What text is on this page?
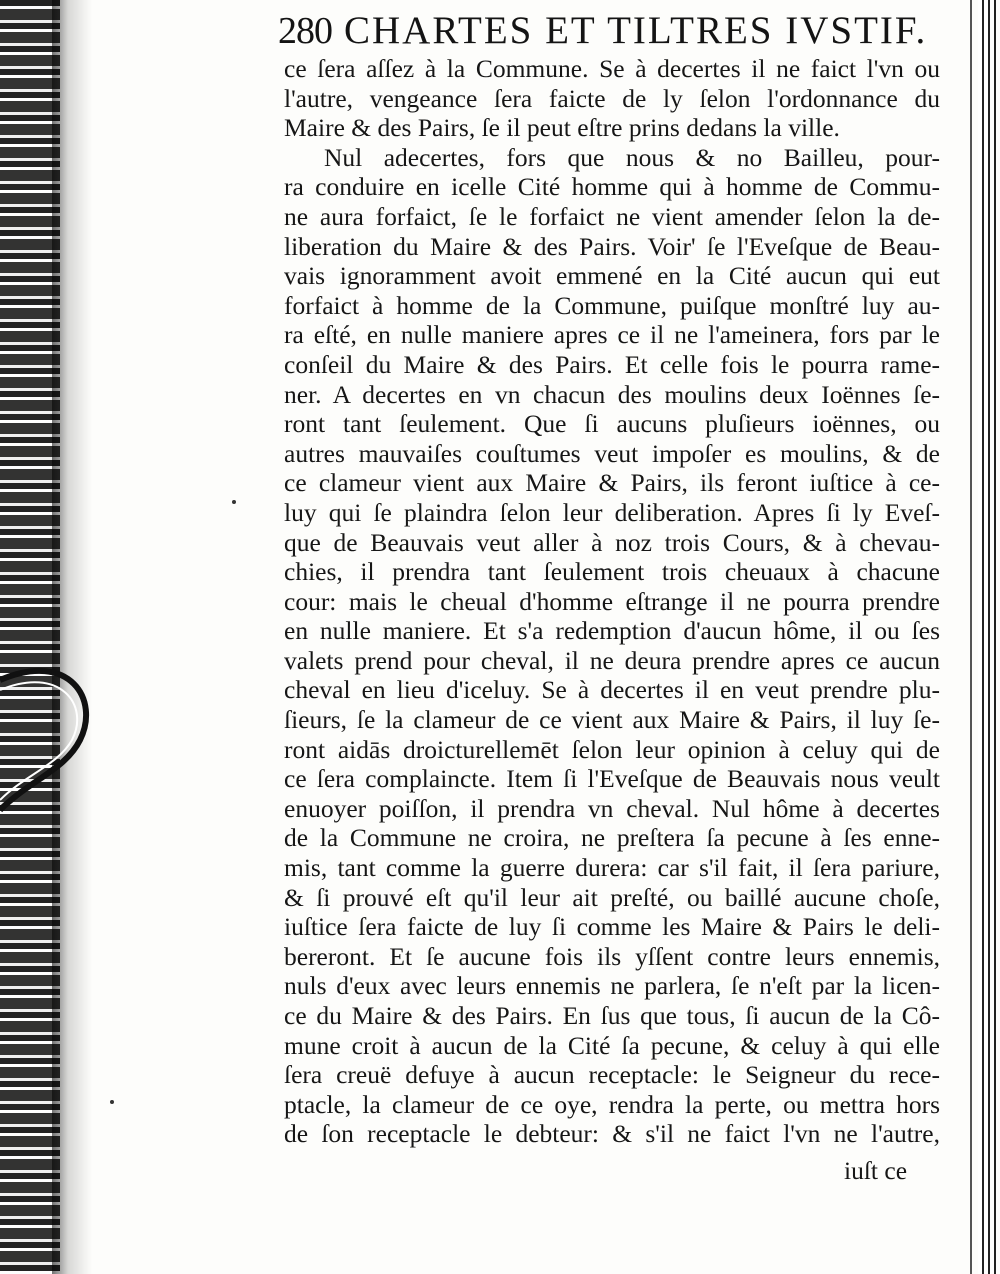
280 CHARTES ET TILTRES IVSTIF.
ce ſera aſſez à la Commune. Se à decertes il ne faict l'vn ou
l'autre, vengeance ſera faicte de ly ſelon l'ordonnance du
Maire & des Pairs, ſe il peut eſtre prins dedans la ville.
Nul adecertes, fors que nous & no Bailleu, pour-
ra conduire en icelle Cité homme qui à homme de Commu-
ne aura forfaict, ſe le forfaict ne vient amender ſelon la de-
liberation du Maire & des Pairs. Voir' ſe l'Eveſque de Beau-
vais ignoramment avoit emmené en la Cité aucun qui eut
forfaict à homme de la Commune, puiſque monſtré luy au-
ra eſté, en nulle maniere apres ce il ne l'ameinera, fors par le
conſeil du Maire & des Pairs. Et celle fois le pourra rame-
ner. A decertes en vn chacun des moulins deux Ioënnes ſe-
ront tant ſeulement. Que ſi aucuns pluſieurs ioënnes, ou
autres mauvaiſes couſtumes veut impoſer es moulins, & de
ce clameur vient aux Maire & Pairs, ils feront iuſtice à ce-
luy qui ſe plaindra ſelon leur deliberation. Apres ſi ly Eveſ-
que de Beauvais veut aller à noz trois Cours, & à chevau-
chies, il prendra tant ſeulement trois cheuaux à chacune
cour: mais le cheual d'homme eſtrange il ne pourra prendre
en nulle maniere. Et s'a redemption d'aucun hôme, il ou ſes
valets prend pour cheval, il ne deura prendre apres ce aucun
cheval en lieu d'iceluy. Se à decertes il en veut prendre plu-
ſieurs, ſe la clameur de ce vient aux Maire & Pairs, il luy ſe-
ront aidās droicturellemēt ſelon leur opinion à celuy qui de
ce ſera complaincte. Item ſi l'Eveſque de Beauvais nous veult
enuoyer poiſſon, il prendra vn cheval. Nul hôme à decertes
de la Commune ne croira, ne preſtera ſa pecune à ſes enne-
mis, tant comme la guerre durera: car s'il fait, il ſera pariure,
& ſi prouvé eſt qu'il leur ait preſté, ou baillé aucune choſe,
iuſtice ſera faicte de luy ſi comme les Maire & Pairs le deli-
bereront. Et ſe aucune fois ils yſſent contre leurs ennemis,
nuls d'eux avec leurs ennemis ne parlera, ſe n'eſt par la licen-
ce du Maire & des Pairs. En ſus que tous, ſi aucun de la Cô-
mune croit à aucun de la Cité ſa pecune, & celuy à qui elle
ſera creuë defuye à aucun receptacle: le Seigneur du rece-
ptacle, la clameur de ce oye, rendra la perte, ou mettra hors
de ſon receptacle le debteur: & s'il ne faict l'vn ne l'autre,
iuſt ce
